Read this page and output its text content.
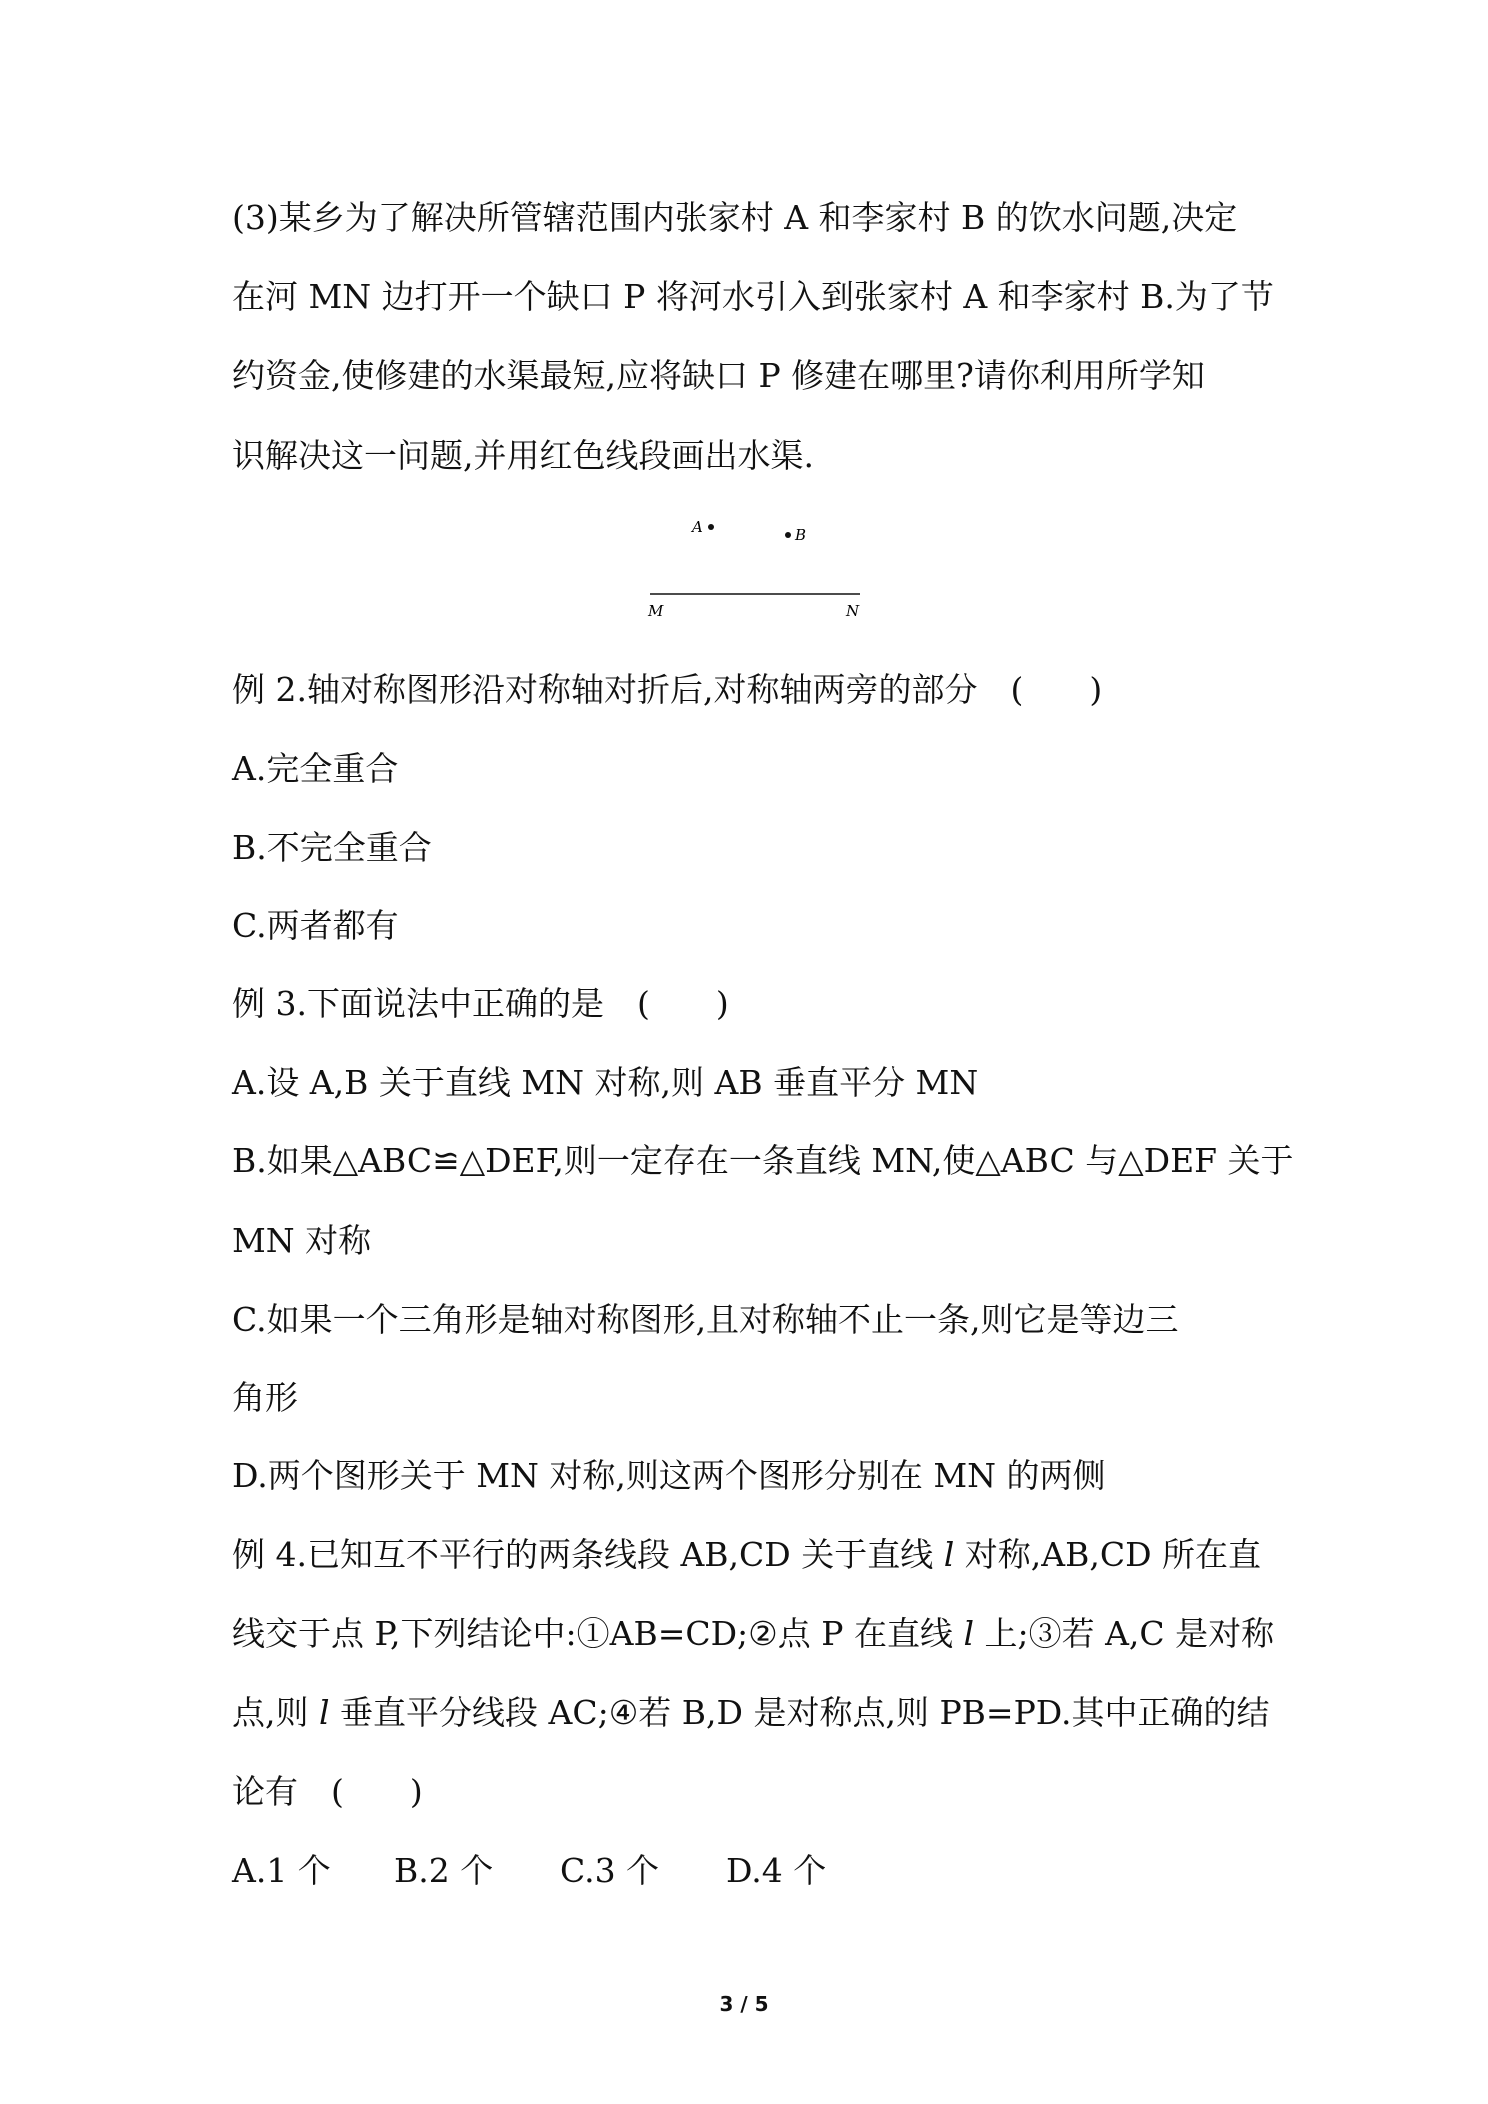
(3)某乡为了解决所管辖范围内张家村 A 和李家村 B 的饮水问题,决定
在河 MN 边打开一个缺口 P 将河水引入到张家村 A 和李家村 B.为了节
约资金,使修建的水渠最短,应将缺口 P 修建在哪里?请你利用所学知
识解决这一问题,并用红色线段画出水渠.
A	B
M	N
例 2.轴对称图形沿对称轴对折后,对称轴两旁的部分　(　　)
A.完全重合
B.不完全重合
C.两者都有
例 3.下面说法中正确的是　(　　)
A.设 A,B 关于直线 MN 对称,则 AB 垂直平分 MN
B.如果△ABC≌△DEF,则一定存在一条直线 MN,使△ABC 与△DEF 关于
MN 对称
C.如果一个三角形是轴对称图形,且对称轴不止一条,则它是等边三
角形
D.两个图形关于 MN 对称,则这两个图形分别在 MN 的两侧
例 4.已知互不平行的两条线段 AB,CD 关于直线 l 对称,AB,CD 所在直
线交于点 P,下列结论中:①AB=CD;②点 P 在直线 l 上;③若 A,C 是对称
点,则 l 垂直平分线段 AC;④若 B,D 是对称点,则 PB=PD.其中正确的结
论有　(　　)

A.1 个

B.2 个

C.3 个

D.4 个

3 / 5
